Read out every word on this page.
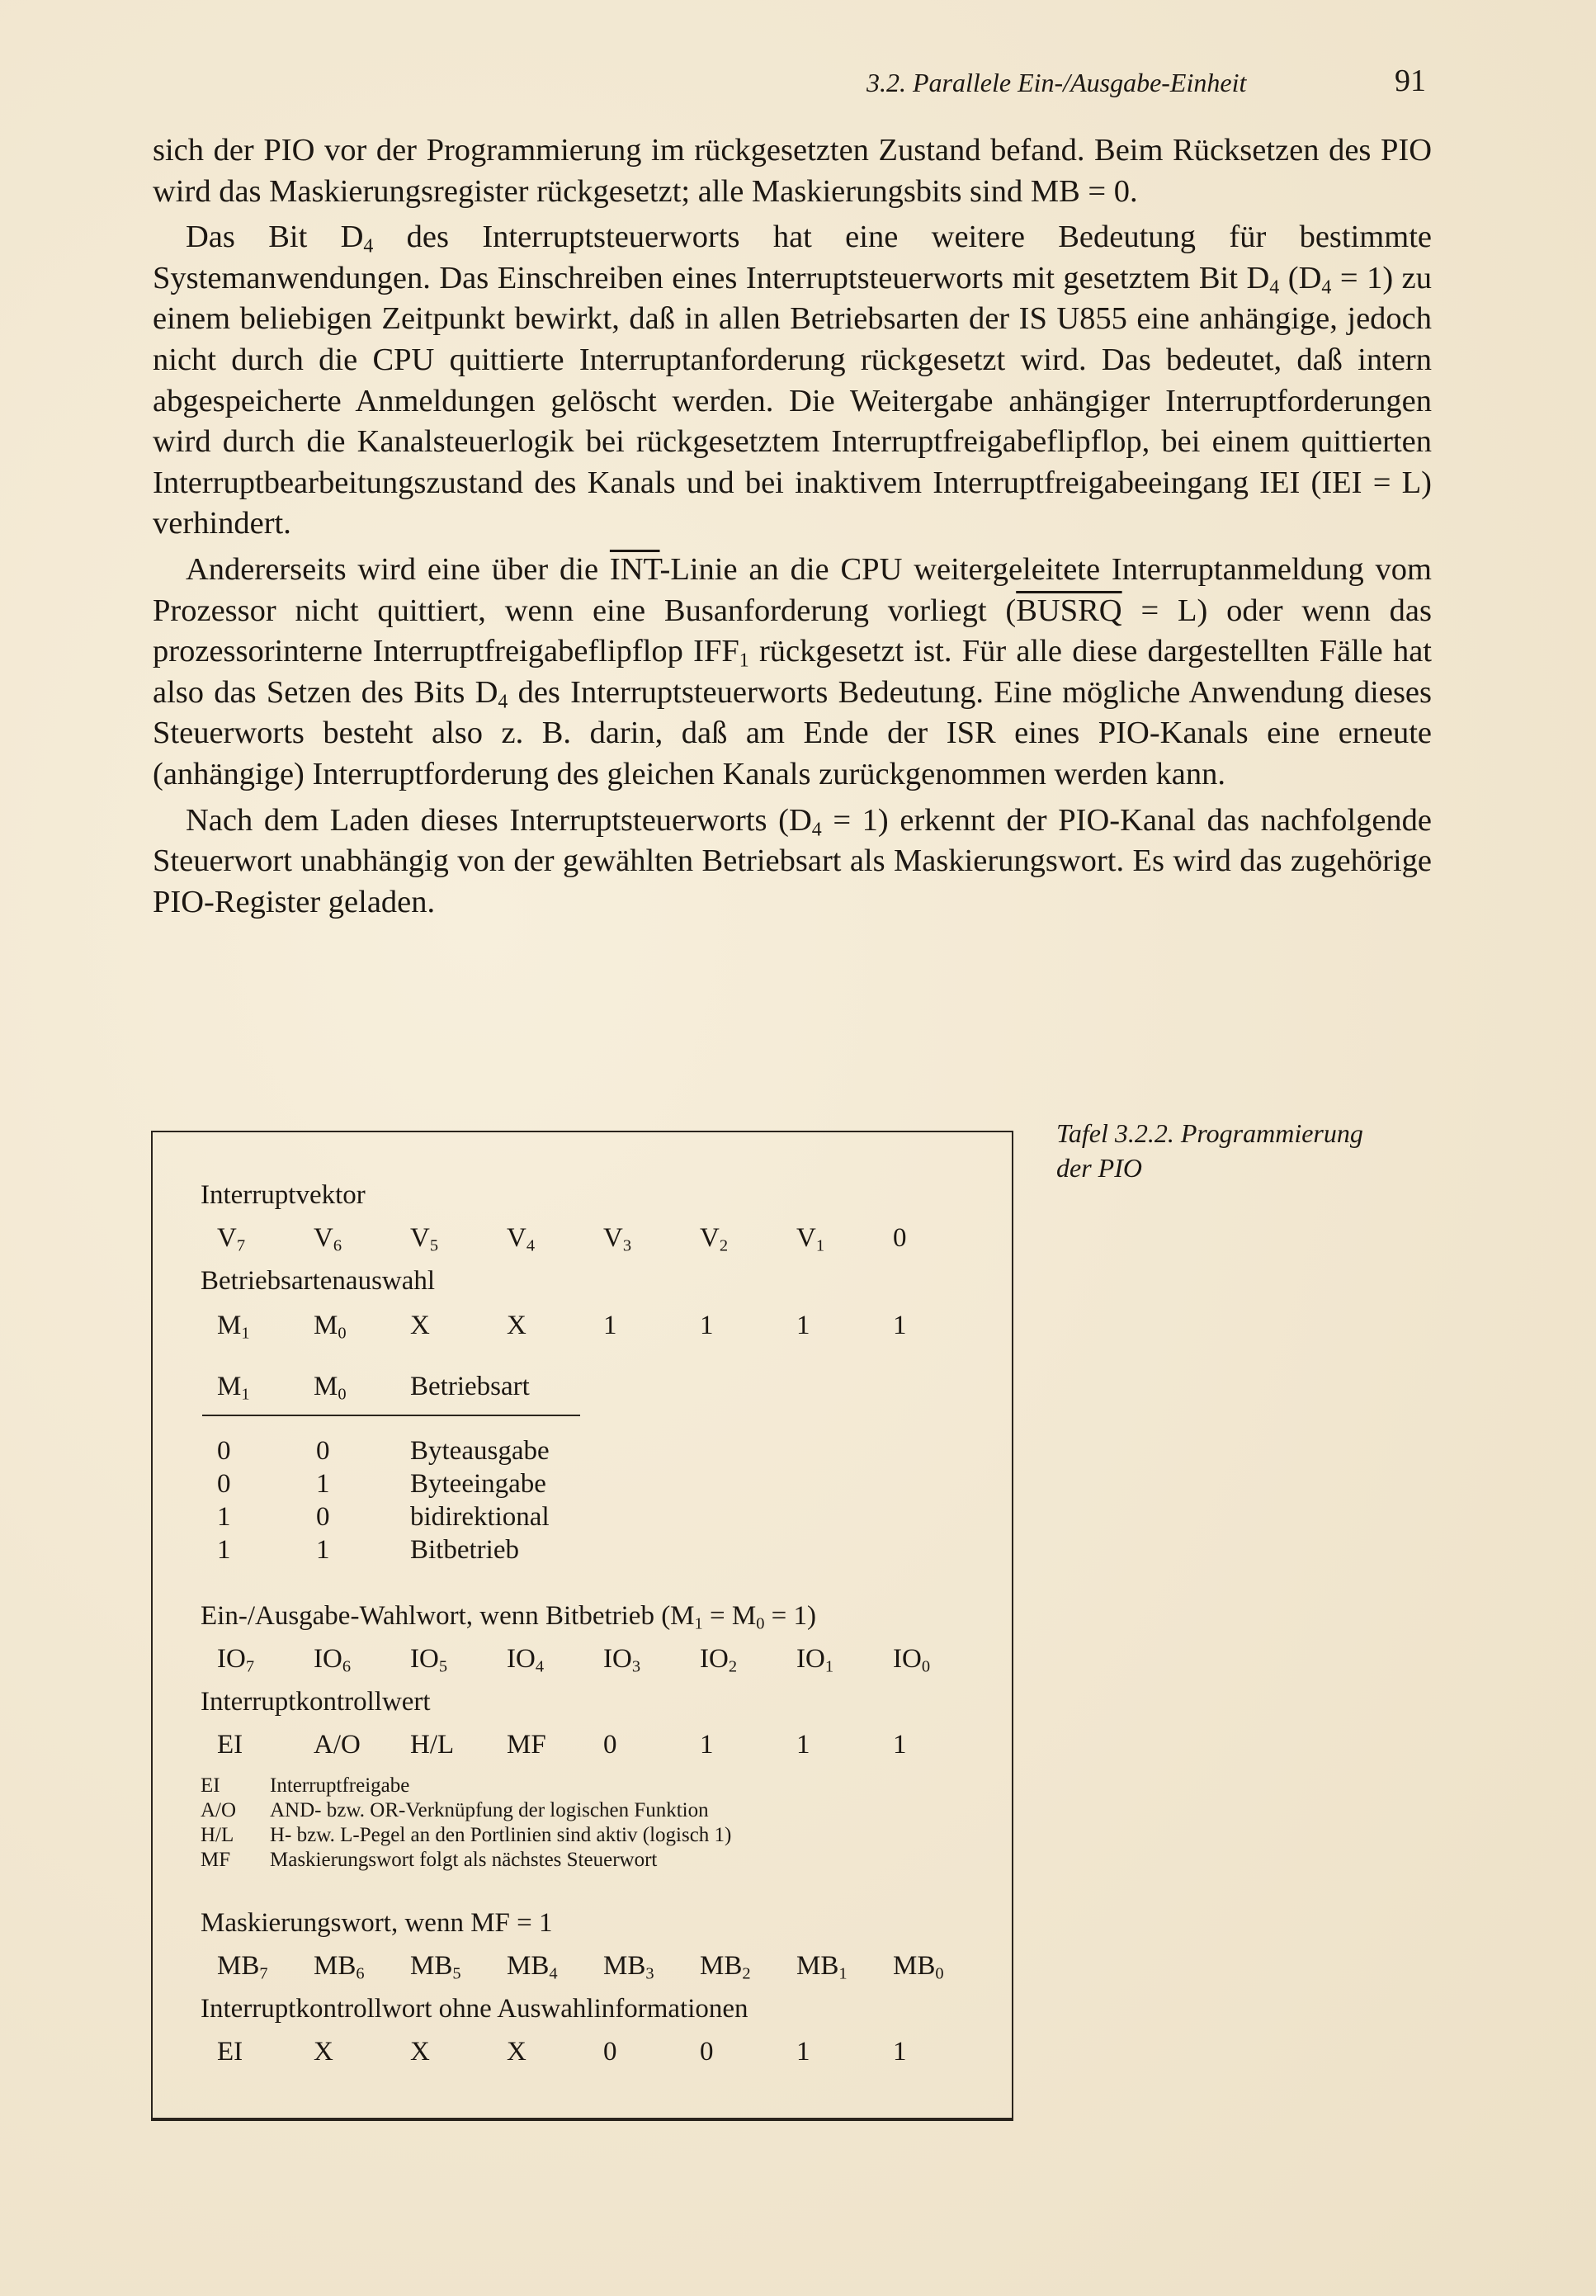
3.2. Parallele Ein-/Ausgabe-Einheit	91

sich der PIO vor der Programmierung im rückgesetzten Zustand befand. Beim Rücksetzen des PIO wird das Maskierungsregister rückgesetzt; alle Maskierungsbits sind MB = 0.

Das Bit $D_4$ des Interruptsteuerworts hat eine weitere Bedeutung für bestimmte Systemanwendungen. Das Einschreiben eines Interruptsteuerworts mit gesetztem Bit $D_4$ $(D_4 = 1)$ zu einem beliebigen Zeitpunkt bewirkt, daß in allen Betriebsarten der IS U855 eine anhängige, jedoch nicht durch die CPU quittierte Interruptanforderung rückgesetzt wird. Das bedeutet, daß intern abgespeicherte Anmeldungen gelöscht werden. Die Weitergabe anhängiger Interruptforderungen wird durch die Kanalsteuerlogik bei rückgesetztem Interruptfreigabeflipflop, bei einem quittierten Interruptbearbeitungszustand des Kanals und bei inaktivem Interruptfreigabeeingang IEI (IEI = L) verhindert.

Andererseits wird eine über die $\overline{INT}$-Linie an die CPU weitergeleitete Interruptanmeldung vom Prozessor nicht quittiert, wenn eine Busanforderung vorliegt (BUSRQ = L) oder wenn das prozessorinterne Interruptfreigabeflipflop $IFF_1$ rückgesetzt ist. Für alle diese dargestellten Fälle hat also das Setzen des Bits $D_4$ des Interruptsteuerworts Bedeutung. Eine mögliche Anwendung dieses Steuerworts besteht also z. B. darin, daß am Ende der ISR eines PIO-Kanals eine erneute (anhängige) Interruptforderung des gleichen Kanals zurückgenommen werden kann.

Nach dem Laden dieses Interruptsteuerworts $(D_4 = 1)$ erkennt der PIO-Kanal das nachfolgende Steuerwort unabhängig von der gewählten Betriebsart als Maskierungswort. Es wird das zugehörige PIO-Register geladen.

Tafel 3.2.2. Programmierung
der PIO
Interruptvektor
Betriebsartenauswahl
Ein-/Ausgabe-Wahlwort, wenn Bitbetrieb $(M_1 = M_0 = 1)$
Interruptkontrollwert
Maskierungswort, wenn MF = 1
Interruptkontrollwort ohne Auswahlinformationen
$V_7$	$V_6$	$V_5$	$V_4$	$V_3$	$V_2$	$V_1$	0
$M_1$ $M_0$ X	X	1	1	1	1
$IO_7$ $IO_6$ $IO_5$ $IO_4$ $IO_3$ $IO_2$ $IO_1$ $IO_0$
EI	A/O H/L MF 0	1	1	1
$MB_7$ $MB_6$ $MB_5$ $MB_4$ $MB_3$ $MB_2$ $MB_1$ $MB_0$
EI	X	X	X	0	0	1	1
$M_1$ $M_0$ Betriebsart
0	0	Byteausgabe
0	1	Byteeingabe
1	0	bidirektional
1	1	Bitbetrieb
EI Interruptfreigabe
A/O AND- bzw. OR-Verknüpfung der logischen Funktion
H/L H- bzw. L-Pegel an den Portlinien sind aktiv (logisch 1)
MF Maskierungswort folgt als nächstes Steuerwort
